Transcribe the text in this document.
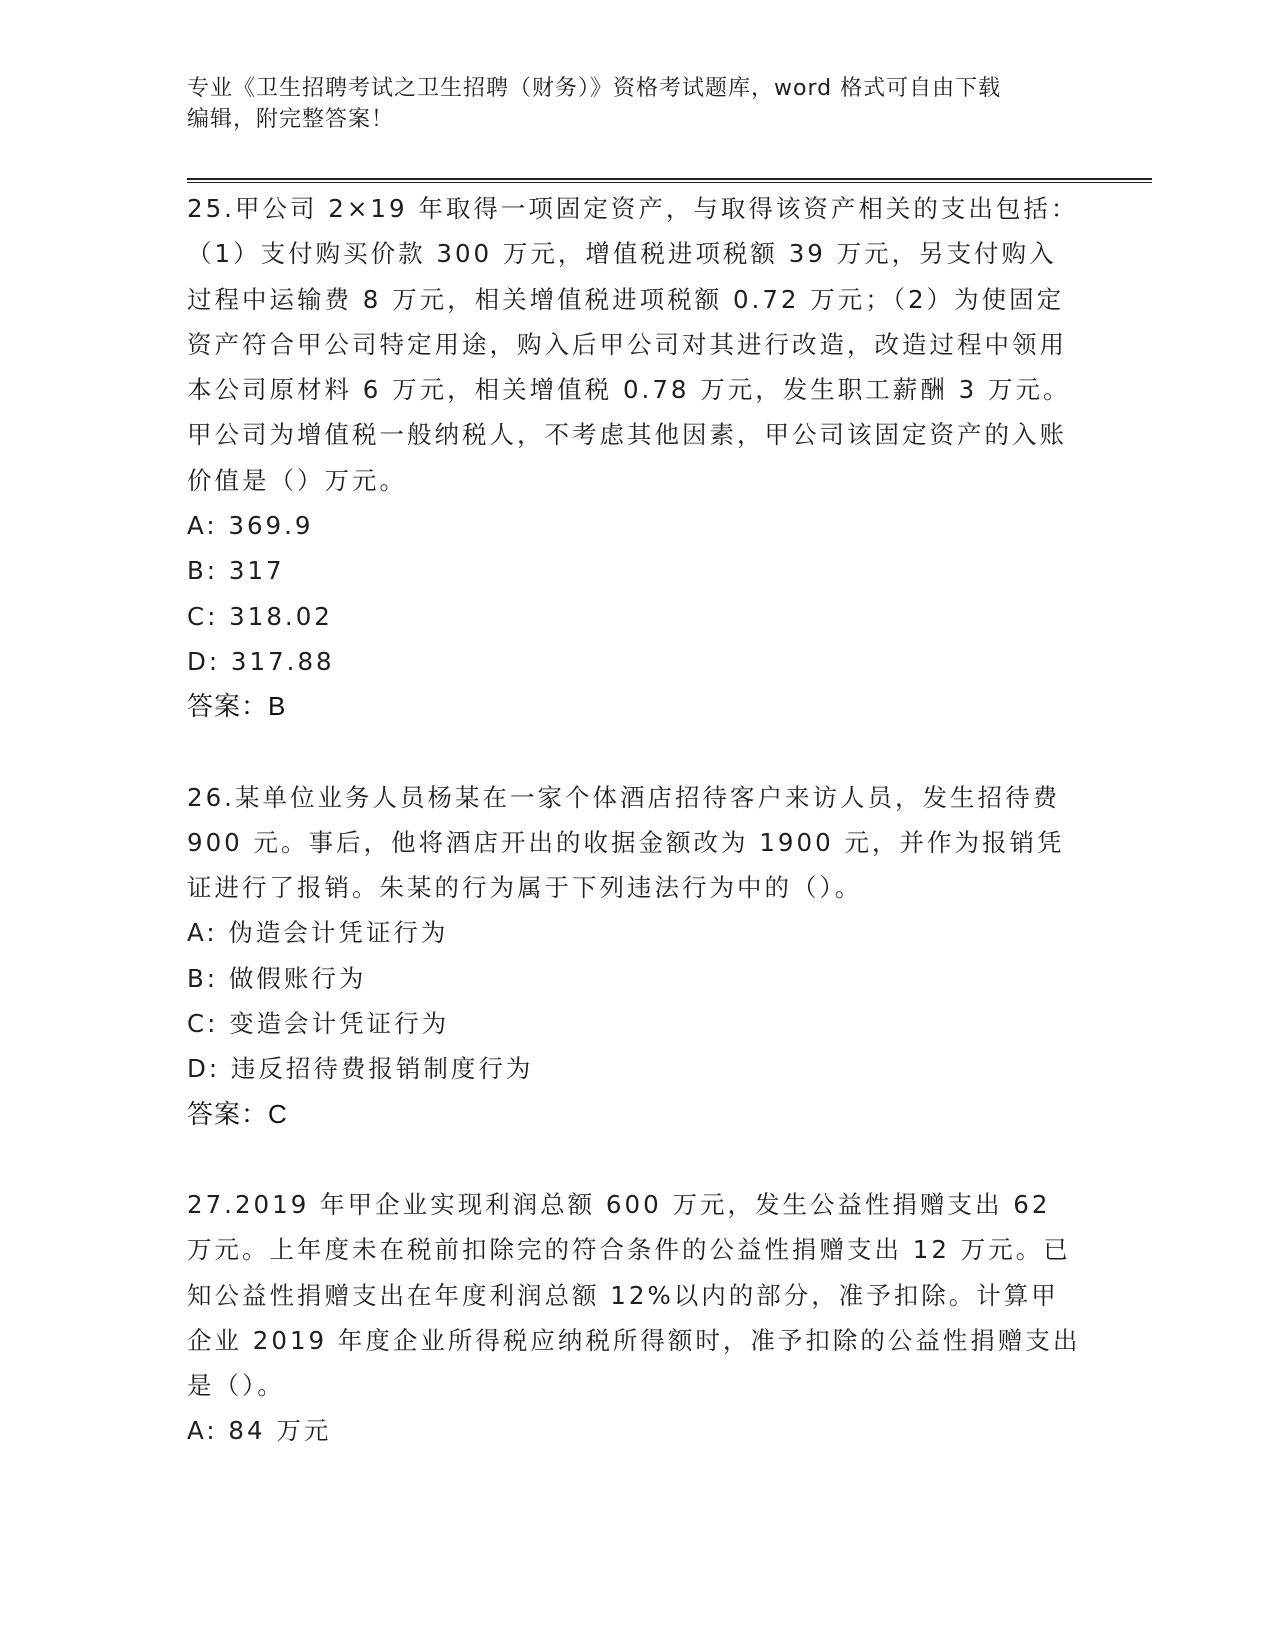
专业《卫生招聘考试之卫生招聘（财务）》资格考试题库，word 格式可自由下载
编辑，附完整答案！

25.甲公司 2×19 年取得一项固定资产，与取得该资产相关的支出包括：（1）支付购买价款 300 万元，增值税进项税额 39 万元，另支付购入过程中运输费 8 万元，相关增值税进项税额 0.72 万元；（2）为使固定资产符合甲公司特定用途，购入后甲公司对其进行改造，改造过程中领用本公司原材料 6 万元，相关增值税 0.78 万元，发生职工薪酬 3 万元。甲公司为增值税一般纳税人，不考虑其他因素，甲公司该固定资产的入账价值是（）万元。

A: 369.9

B: 317

C: 318.02

D: 317.88

答案：B

26.某单位业务人员杨某在一家个体酒店招待客户来访人员，发生招待费 900 元。事后，他将酒店开出的收据金额改为 1900 元，并作为报销凭证进行了报销。朱某的行为属于下列违法行为中的（）。

A: 伪造会计凭证行为

B: 做假账行为

C: 变造会计凭证行为

D: 违反招待费报销制度行为

答案：C

27.2019 年甲企业实现利润总额 600 万元，发生公益性捐赠支出 62 万元。上年度未在税前扣除完的符合条件的公益性捐赠支出 12 万元。已知公益性捐赠支出在年度利润总额 12%以内的部分，准予扣除。计算甲企业 2019 年度企业所得税应纳税所得额时，准予扣除的公益性捐赠支出是（）。

A: 84 万元
